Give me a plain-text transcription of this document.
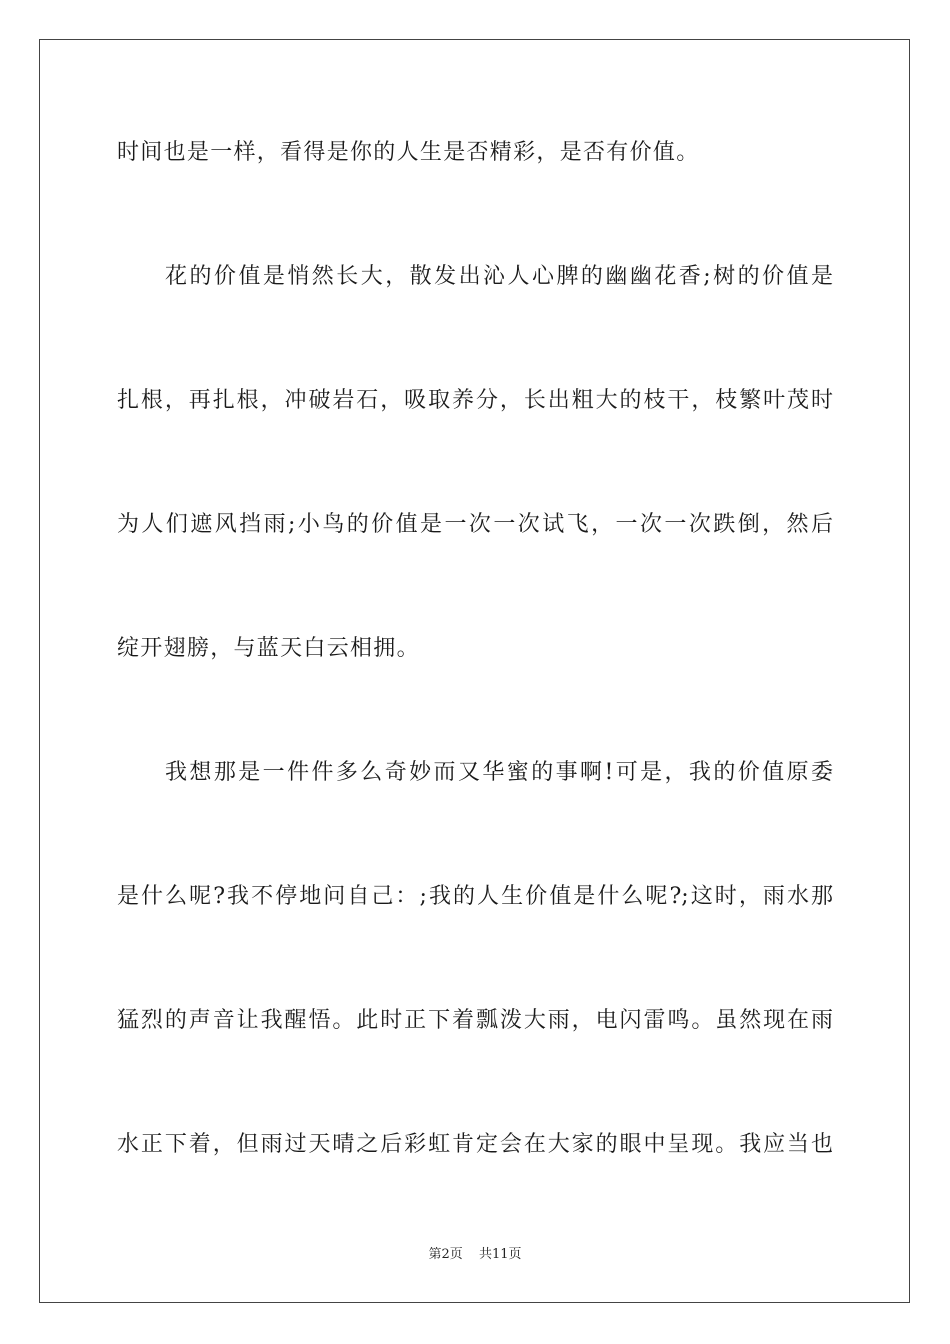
时间也是一样，看得是你的人生是否精彩，是否有价值。
花的价值是悄然长大，散发出沁人心脾的幽幽花香;树的价值是
扎根，再扎根，冲破岩石，吸取养分，长出粗大的枝干，枝繁叶茂时
为人们遮风挡雨;小鸟的价值是一次一次试飞，一次一次跌倒，然后
绽开翅膀，与蓝天白云相拥。
我想那是一件件多么奇妙而又华蜜的事啊!可是，我的价值原委
是什么呢?我不停地问自己：;我的人生价值是什么呢?;这时，雨水那
猛烈的声音让我醒悟。此时正下着瓢泼大雨，电闪雷鸣。虽然现在雨
水正下着，但雨过天晴之后彩虹肯定会在大家的眼中呈现。我应当也
第2页 共11页
